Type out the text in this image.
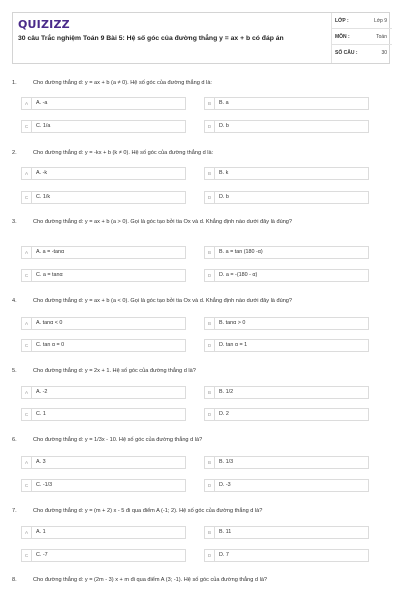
QUIZIZZ
30 câu Trắc nghiệm Toán 9 Bài 5: Hệ số góc của đường thẳng y = ax + b có đáp án
LỚP :	Lớp 9
MÔN :	Toán
SỐ CÂU :	30
1.	Cho đường thẳng d: y = ax + b (a ≠ 0). Hệ số góc của đường thẳng d là:
A	A. -a	B	B. a
C	C. 1/a	D	D. b
2.	Cho đường thẳng d: y = -kx + b (k ≠ 0). Hệ số góc của đường thẳng d là:
A	A. -k	B	B. k
C	C. 1/k	D	D. b
3.	Cho đường thẳng d: y = ax + b (a > 0). Gọi là góc tạo bởi tia Ox và d. Khẳng định nào dưới đây là đúng?
A	A. a = -tanα	B	B. a = tan (180 -α)
C	C. a = tanα	D	D. a = -(180 - α)
4.	Cho đường thẳng d: y = ax + b (a < 0). Gọi là góc tạo bởi tia Ox và d. Khẳng định nào dưới đây là đúng?
A	A. tanα < 0	B	B. tanα > 0
C	C. tan α = 0	D	D. tan α = 1
5.	Cho đường thẳng d: y = 2x + 1. Hệ số góc của đường thẳng d là?
A	A. -2	B	B. 1/2
C	C. 1	D	D. 2
6.	Cho đường thẳng d: y = 1/3x - 10. Hệ số góc của đường thẳng d là?
A	A. 3	B	B. 1/3
C	C. -1/3	D	D. -3
7.	Cho đường thẳng d: y = (m + 2) x - 5 đi qua điểm A (-1; 2). Hệ số góc của đường thẳng d là?
A	A. 1	B	B. 11
C	C. -7	D	D. 7
8.	Cho đường thẳng d: y = (2m - 3) x + m đi qua điểm A (3; -1). Hệ số góc của đường thẳng d là?
